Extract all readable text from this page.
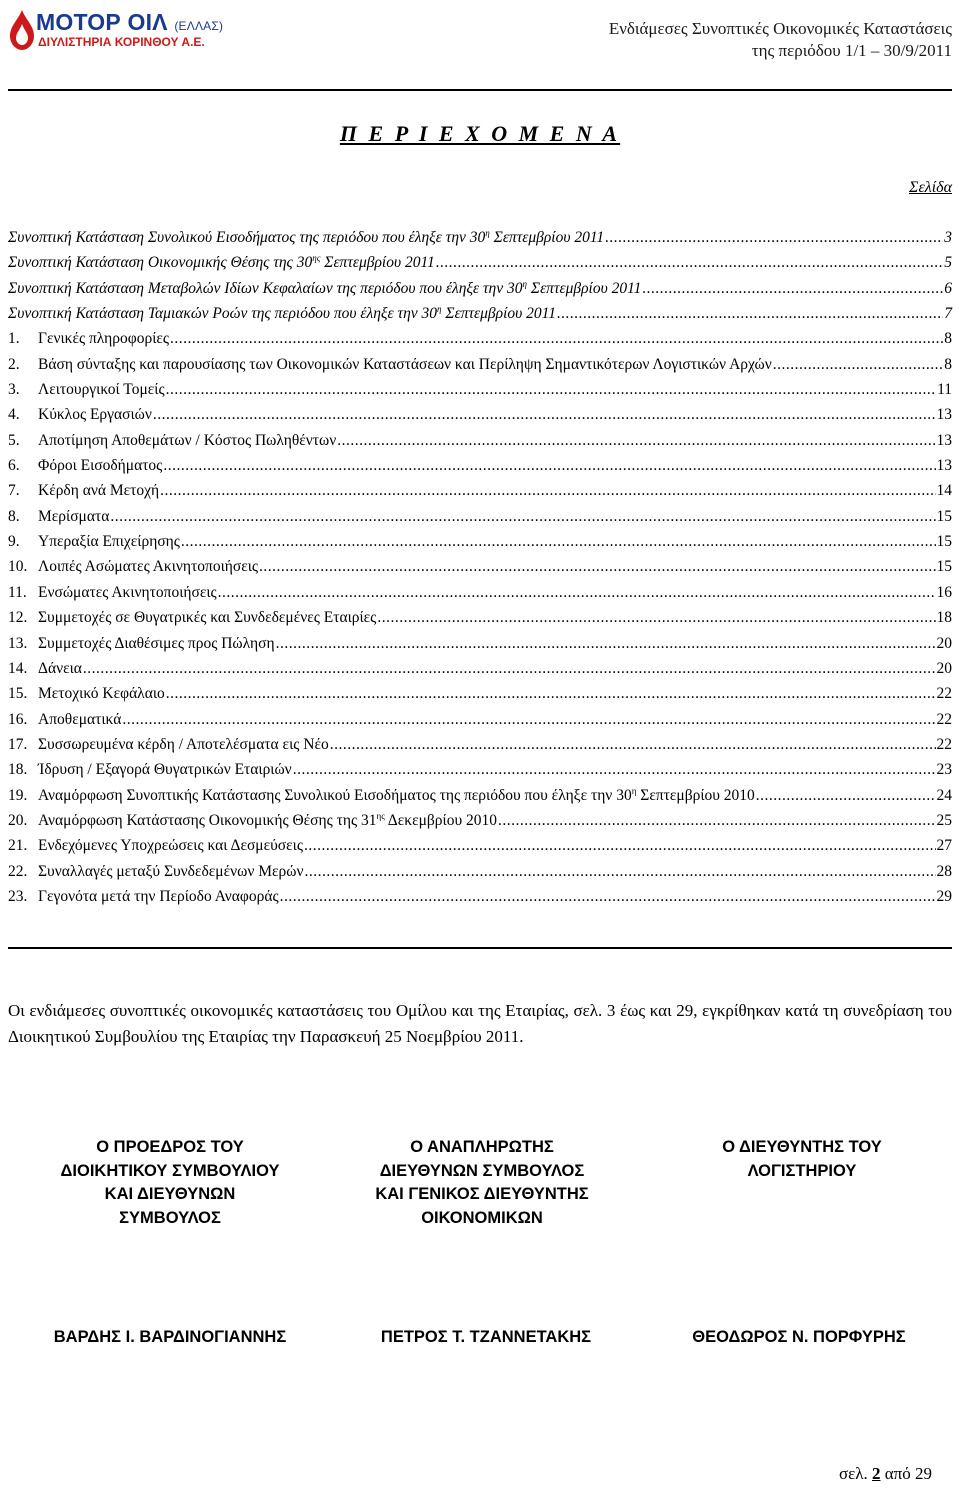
ΜΟΤΟΡ ΟΙΛ (ΕΛΛΑΣ)
ΔΙΥΛΙΣΤΗΡΙΑ ΚΟΡΙΝΘΟΥ Α.Ε.
Ενδιάμεσες Συνοπτικές Οικονομικές Καταστάσεις
της περιόδου 1/1 – 30/9/2011
Π Ε Ρ Ι Ε Χ Ο Μ Ε Ν Α
Σελίδα
Συνοπτική Κατάσταση Συνολικού Εισοδήματος της περιόδου που έληξε την $30^\eta$ Σεπτεμβρίου 2011 .....	3
Συνοπτική Κατάσταση Οικονομικής Θέσης της $30^{\eta\varsigma}$ Σεπτεμβρίου 2011 .....	5
Συνοπτική Κατάσταση Μεταβολών Ιδίων Κεφαλαίων της περιόδου που έληξε την $30^\eta$ Σεπτεμβρίου 2011 .....	6
Συνοπτική Κατάσταση Ταμιακών Ροών της περιόδου που έληξε την $30^\eta$ Σεπτεμβρίου 2011 .....	7
1.	Γενικές πληροφορίες .....	8
2.	Βάση σύνταξης και παρουσίασης των Οικονομικών Καταστάσεων και Περίληψη Σημαντικότερων Λογιστικών Αρχών .....	8
3.	Λειτουργικοί Τομείς .....	11
4.	Κύκλος Εργασιών .....	13
5.	Αποτίμηση Αποθεμάτων / Κόστος Πωληθέντων .....	13
6.	Φόροι Εισοδήματος .....	13
7.	Κέρδη ανά Μετοχή .....	14
8.	Μερίσματα .....	15
9.	Υπεραξία Επιχείρησης .....	15
10. Λοιπές Ασώματες Ακινητοποιήσεις .....	15
11. Ενσώματες Ακινητοποιήσεις .....	16
12. Συμμετοχές σε Θυγατρικές και Συνδεδεμένες Εταιρίες .....	18
13. Συμμετοχές Διαθέσιμες προς Πώληση .....	20
14. Δάνεια .....	20
15. Μετοχικό Κεφάλαιο .....	22
16. Αποθεματικά .....	22
17. Συσσωρευμένα κέρδη / Αποτελέσματα εις Νέο .....	22
18. Ίδρυση / Εξαγορά Θυγατρικών Εταιριών .....	23
19. Αναμόρφωση Συνοπτικής Κατάστασης Συνολικού Εισοδήματος της περιόδου που έληξε την $30^\eta$ Σεπτεμβρίου 2010 .....	24
20. Αναμόρφωση Κατάστασης Οικονομικής Θέσης της $31^{\eta\varsigma}$ Δεκεμβρίου 2010 .....	25
21. Ενδεχόμενες Υποχρεώσεις και Δεσμεύσεις .....	27
22. Συναλλαγές μεταξύ Συνδεδεμένων Μερών .....	28
23. Γεγονότα μετά την Περίοδο Αναφοράς .....	29
Οι ενδιάμεσες συνοπτικές οικονομικές καταστάσεις του Ομίλου και της Εταιρίας, σελ. 3 έως και 29, εγκρίθηκαν κατά τη συνεδρίαση του Διοικητικού Συμβουλίου της Εταιρίας την Παρασκευή 25 Νοεμβρίου 2011.
Ο ΠΡΟΕΔΡΟΣ ΤΟΥ
ΔΙΟΙΚΗΤΙΚΟΥ ΣΥΜΒΟΥΛΙΟΥ
ΚΑΙ ΔΙΕΥΘΥΝΩΝ
ΣΥΜΒΟΥΛΟΣ
Ο ΑΝΑΠΛΗΡΩΤΗΣ
ΔΙΕΥΘΥΝΩΝ ΣΥΜΒΟΥΛΟΣ
ΚΑΙ ΓΕΝΙΚΟΣ ΔΙΕΥΘΥΝΤΗΣ
ΟΙΚΟΝΟΜΙΚΩΝ
Ο ΔΙΕΥΘΥΝΤΗΣ ΤΟΥ
ΛΟΓΙΣΤΗΡΙΟΥ
ΒΑΡΔΗΣ Ι. ΒΑΡΔΙΝΟΓΙΑΝΝΗΣ	ΠΕΤΡΟΣ Τ. ΤΖΑΝΝΕΤΑΚΗΣ	ΘΕΟΔΩΡΟΣ Ν. ΠΟΡΦΥΡΗΣ
σελ. 2 από 29
